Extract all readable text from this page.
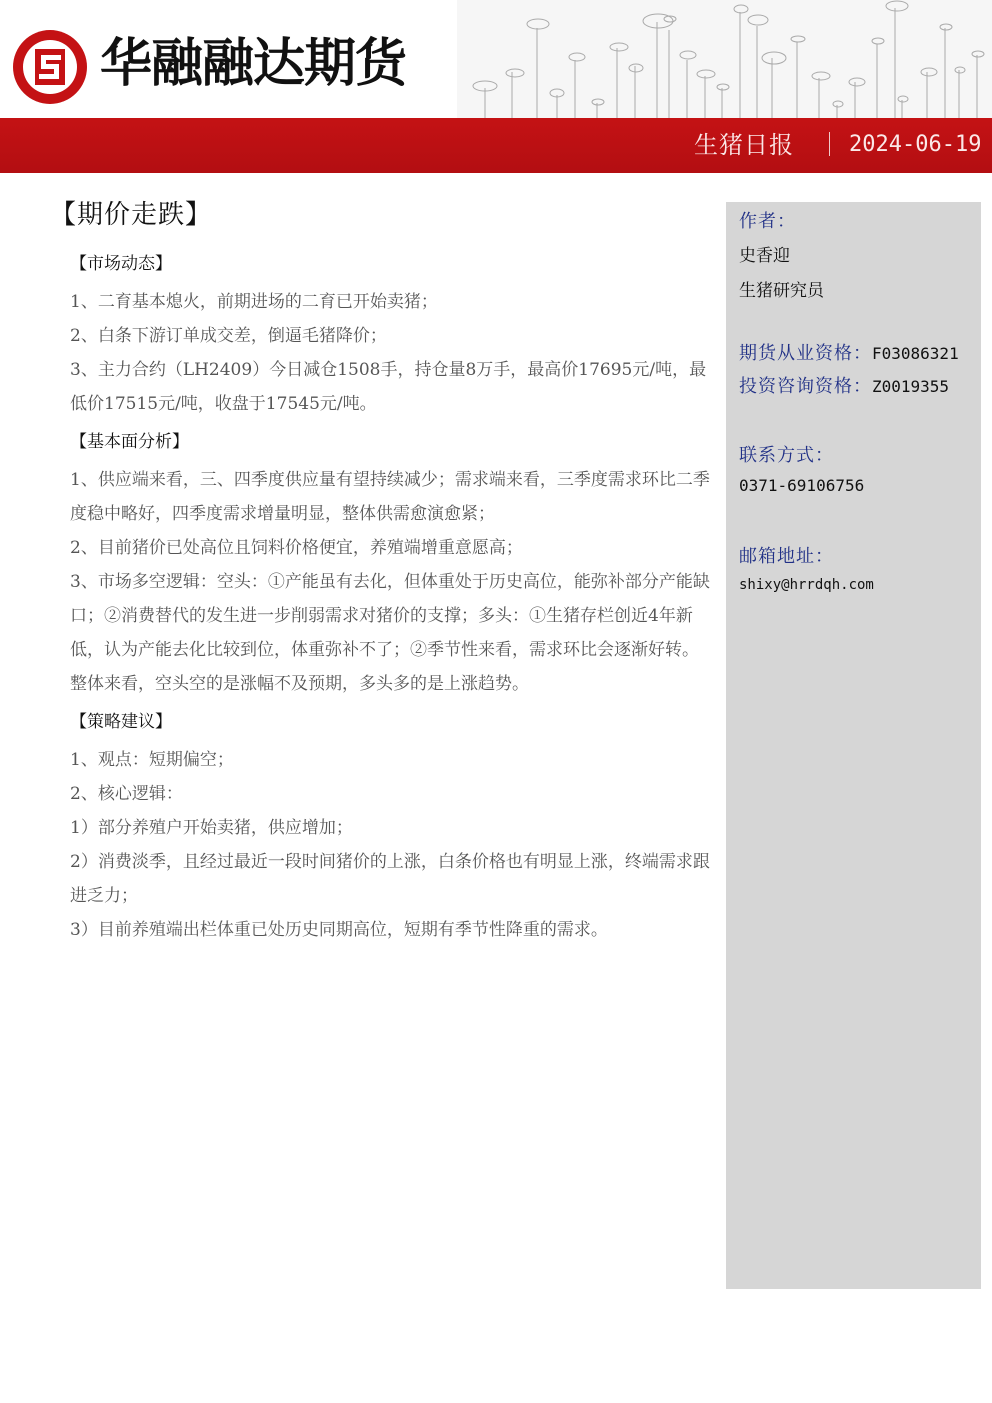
华融融达期货
生猪日报	2024-06-19
【期价走跌】
【市场动态】

1、二育基本熄火，前期进场的二育已开始卖猪；

2、白条下游订单成交差，倒逼毛猪降价；

3、主力合约（LH2409）今日减仓1508手，持仓量8万手，最高价17695元/吨，最低价17515元/吨，收盘于17545元/吨。

【基本面分析】

1、供应端来看，三、四季度供应量有望持续减少；需求端来看，三季度需求环比二季度稳中略好，四季度需求增量明显，整体供需愈演愈紧；

2、目前猪价已处高位且饲料价格便宜，养殖端增重意愿高；

3、市场多空逻辑：空头：①产能虽有去化，但体重处于历史高位，能弥补部分产能缺口；②消费替代的发生进一步削弱需求对猪价的支撑；多头：①生猪存栏创近4年新低，认为产能去化比较到位，体重弥补不了；②季节性来看，需求环比会逐渐好转。整体来看，空头空的是涨幅不及预期，多头多的是上涨趋势。

【策略建议】

1、观点：短期偏空；

2、核心逻辑：

1）部分养殖户开始卖猪，供应增加；

2）消费淡季，且经过最近一段时间猪价的上涨，白条价格也有明显上涨，终端需求跟进乏力；

3）目前养殖端出栏体重已处历史同期高位，短期有季节性降重的需求。

作者：
史香迎
生猪研究员
期货从业资格：F03086321
投资咨询资格：Z0019355
联系方式：
0371-69106756
邮箱地址：
shixy@hrrdqh.com
